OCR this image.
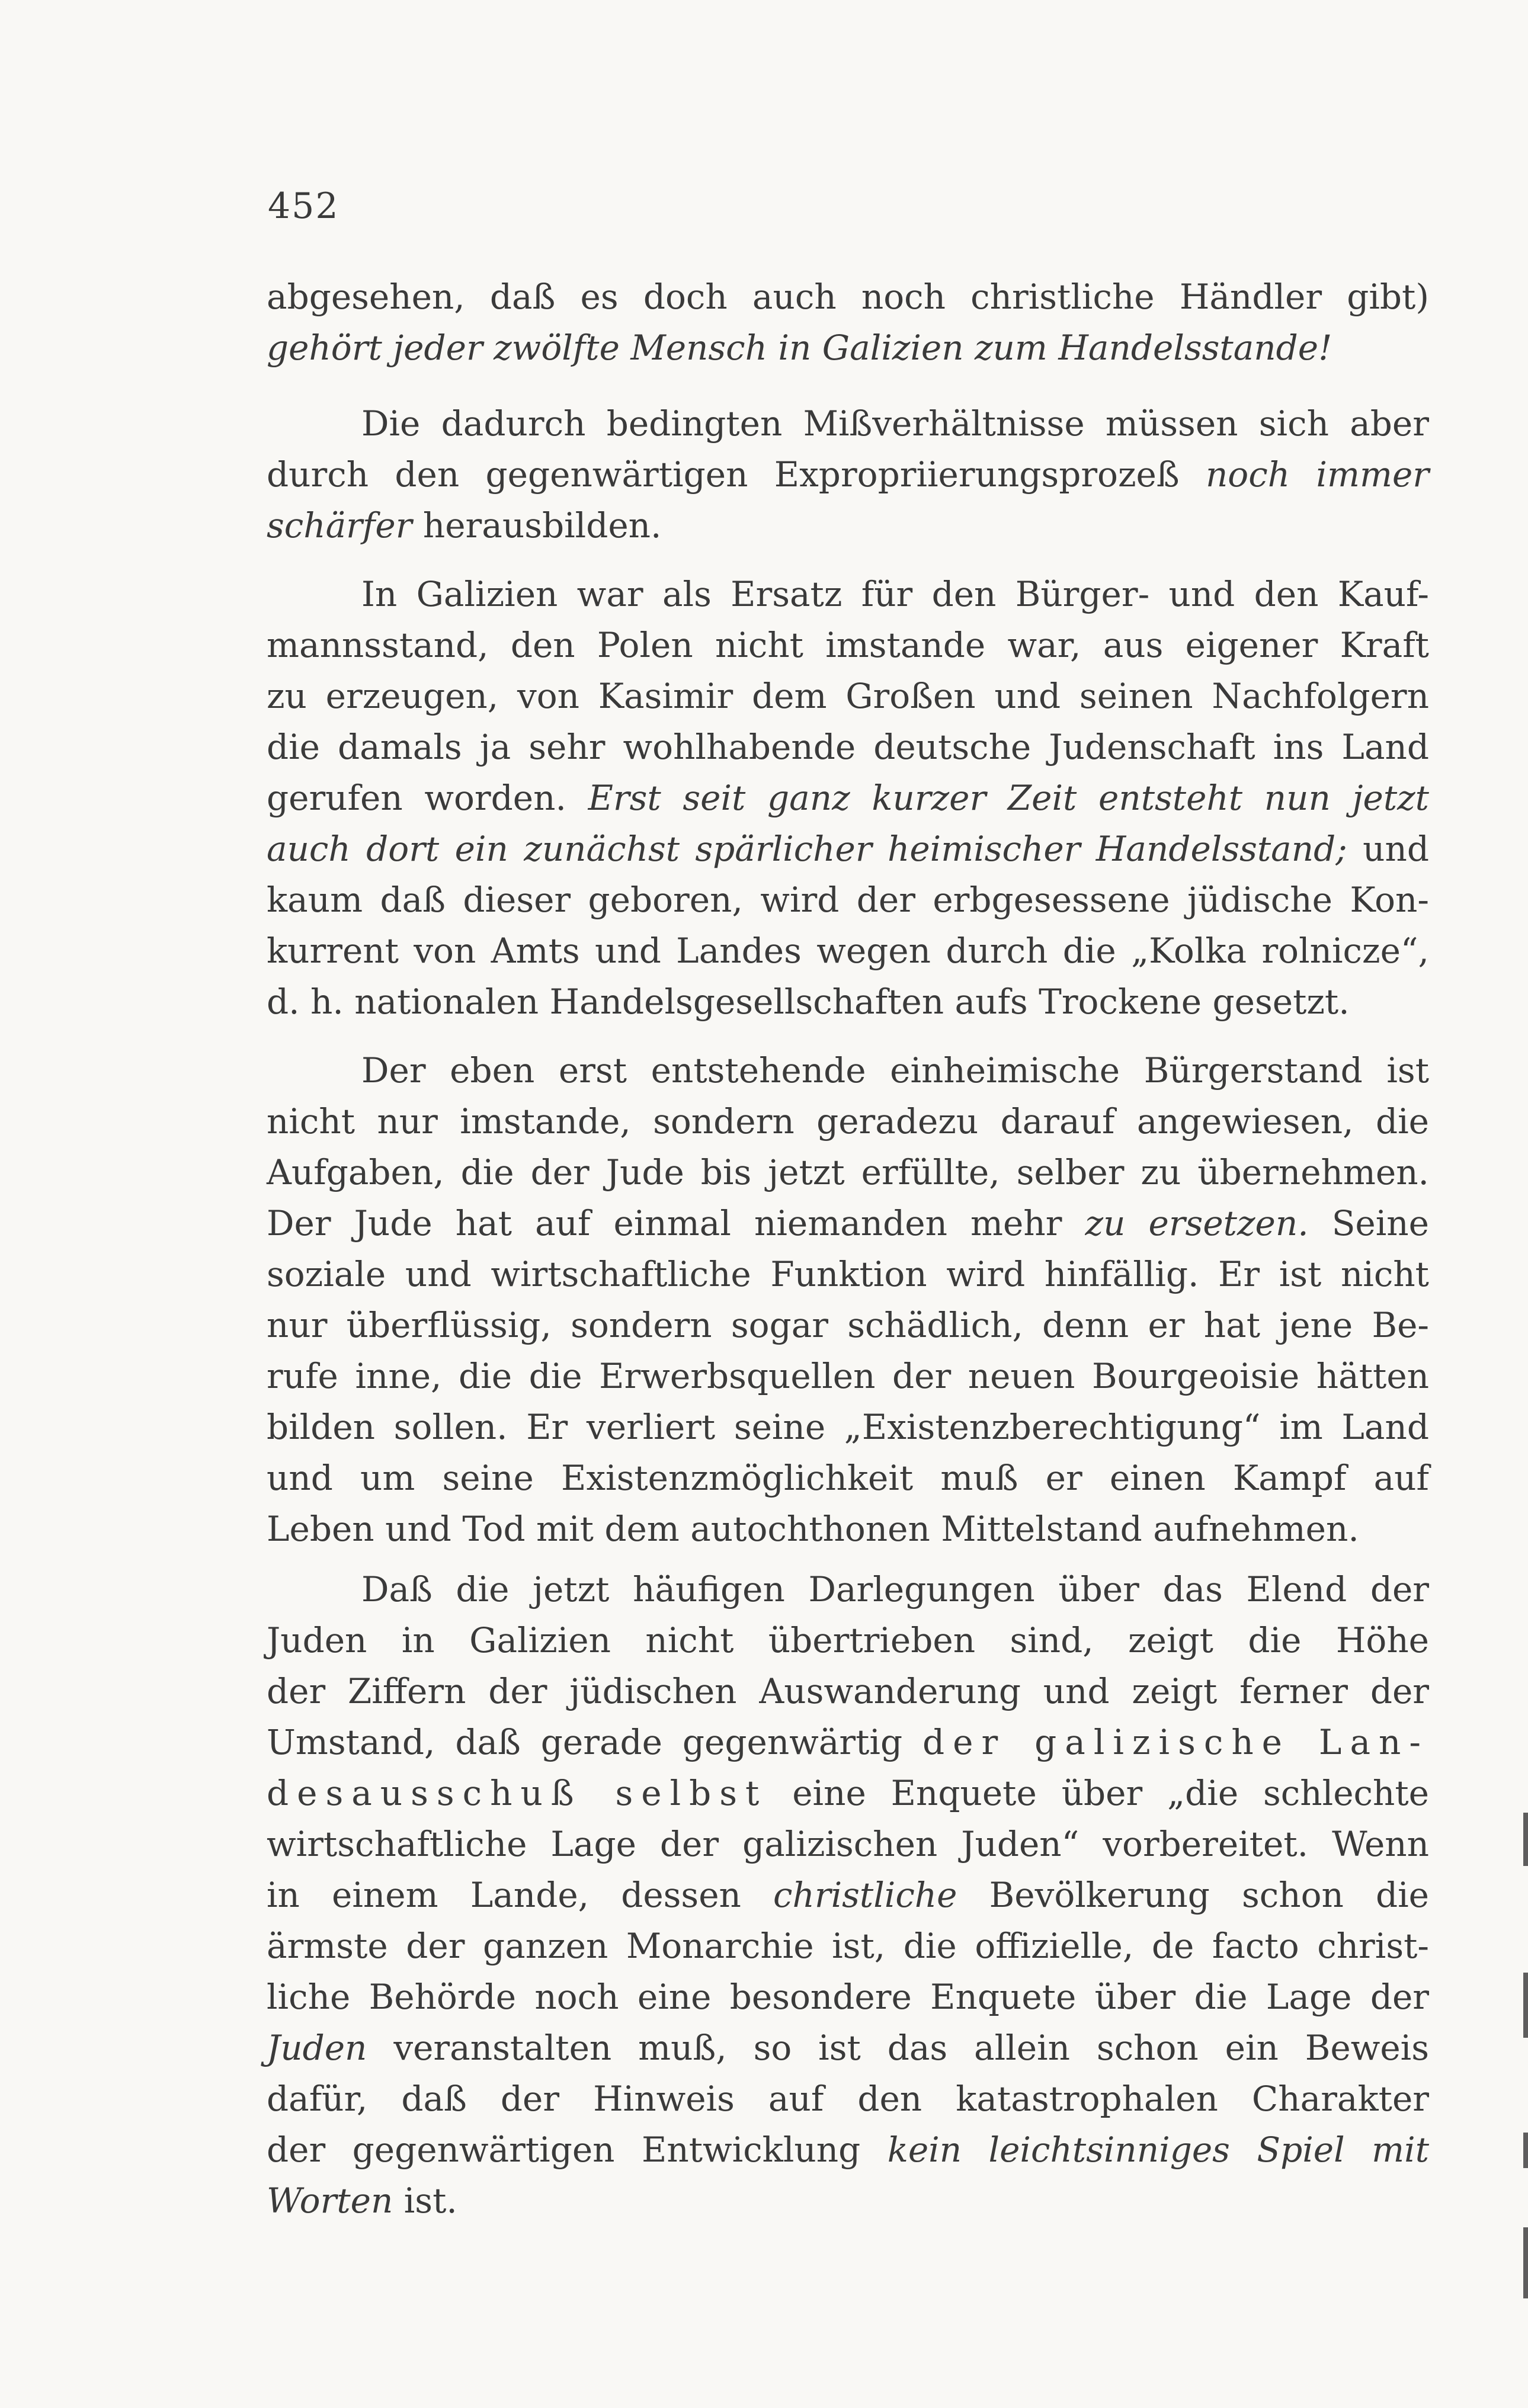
452
abgesehen, daß es doch auch noch christliche Händler gibt)
gehört jeder zwölfte Mensch in Galizien zum Handelsstande!
Die dadurch bedingten Mißverhältnisse müssen sich aber
durch den gegenwärtigen Expropriierungsprozeß noch immer
schärfer herausbilden.
In Galizien war als Ersatz für den Bürger- und den Kauf-
mannsstand, den Polen nicht imstande war, aus eigener Kraft
zu erzeugen, von Kasimir dem Großen und seinen Nachfolgern
die damals ja sehr wohlhabende deutsche Judenschaft ins Land
gerufen worden. Erst seit ganz kurzer Zeit entsteht nun jetzt
auch dort ein zunächst spärlicher heimischer Handelsstand; und
kaum daß dieser geboren, wird der erbgesessene jüdische Kon-
kurrent von Amts und Landes wegen durch die „Kolka rolnicze“,
d. h. nationalen Handelsgesellschaften aufs Trockene gesetzt.
Der eben erst entstehende einheimische Bürgerstand ist
nicht nur imstande, sondern geradezu darauf angewiesen, die
Aufgaben, die der Jude bis jetzt erfüllte, selber zu übernehmen.
Der Jude hat auf einmal niemanden mehr zu ersetzen. Seine
soziale und wirtschaftliche Funktion wird hinfällig. Er ist nicht
nur überflüssig, sondern sogar schädlich, denn er hat jene Be-
rufe inne, die die Erwerbsquellen der neuen Bourgeoisie hätten
bilden sollen. Er verliert seine „Existenzberechtigung“ im Land
und um seine Existenzmöglichkeit muß er einen Kampf auf
Leben und Tod mit dem autochthonen Mittelstand aufnehmen.
Daß die jetzt häufigen Darlegungen über das Elend der
Juden in Galizien nicht übertrieben sind, zeigt die Höhe
der Ziffern der jüdischen Auswanderung und zeigt ferner der
Umstand, daß gerade gegenwärtig der galizische Lan-
desausschuß selbst eine Enquete über „die schlechte
wirtschaftliche Lage der galizischen Juden“ vorbereitet. Wenn
in einem Lande, dessen christliche Bevölkerung schon die
ärmste der ganzen Monarchie ist, die offizielle, de facto christ-
liche Behörde noch eine besondere Enquete über die Lage der
Juden veranstalten muß, so ist das allein schon ein Beweis
dafür, daß der Hinweis auf den katastrophalen Charakter
der gegenwärtigen Entwicklung kein leichtsinniges Spiel mit
Worten ist.
